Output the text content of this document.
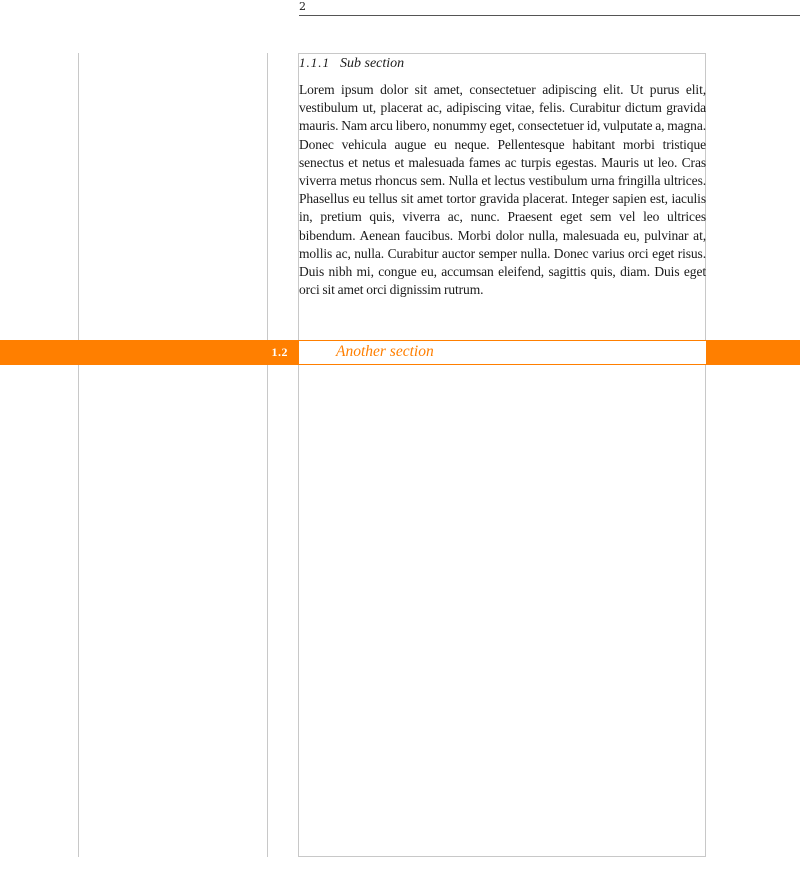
2
1.1.1 Sub section

Lorem ipsum dolor sit amet, consectetuer adipiscing elit. Ut purus elit, vestibulum ut, placerat ac, adipiscing vitae, felis. Curabitur dictum gravida mauris. Nam arcu libero, nonummy eget, consectetuer id, vulputate a, magna. Donec vehicula augue eu neque. Pellentesque habitant morbi tristique senectus et netus et malesuada fames ac turpis egestas. Mauris ut leo. Cras viverra metus rhoncus sem. Nulla et lectus vestibulum urna fringilla ultrices. Phasellus eu tellus sit amet tortor gravida placerat. Integer sapien est, iaculis in, pretium quis, viverra ac, nunc. Praesent eget sem vel leo ultrices bibendum. Aenean faucibus. Morbi dolor nulla, malesuada eu, pulvinar at, mollis ac, nulla. Curabitur auctor semper nulla. Donec varius orci eget risus. Duis nibh mi, congue eu, accumsan eleifend, sagittis quis, diam. Duis eget orci sit amet orci dignissim rutrum.

1.2	Another section
